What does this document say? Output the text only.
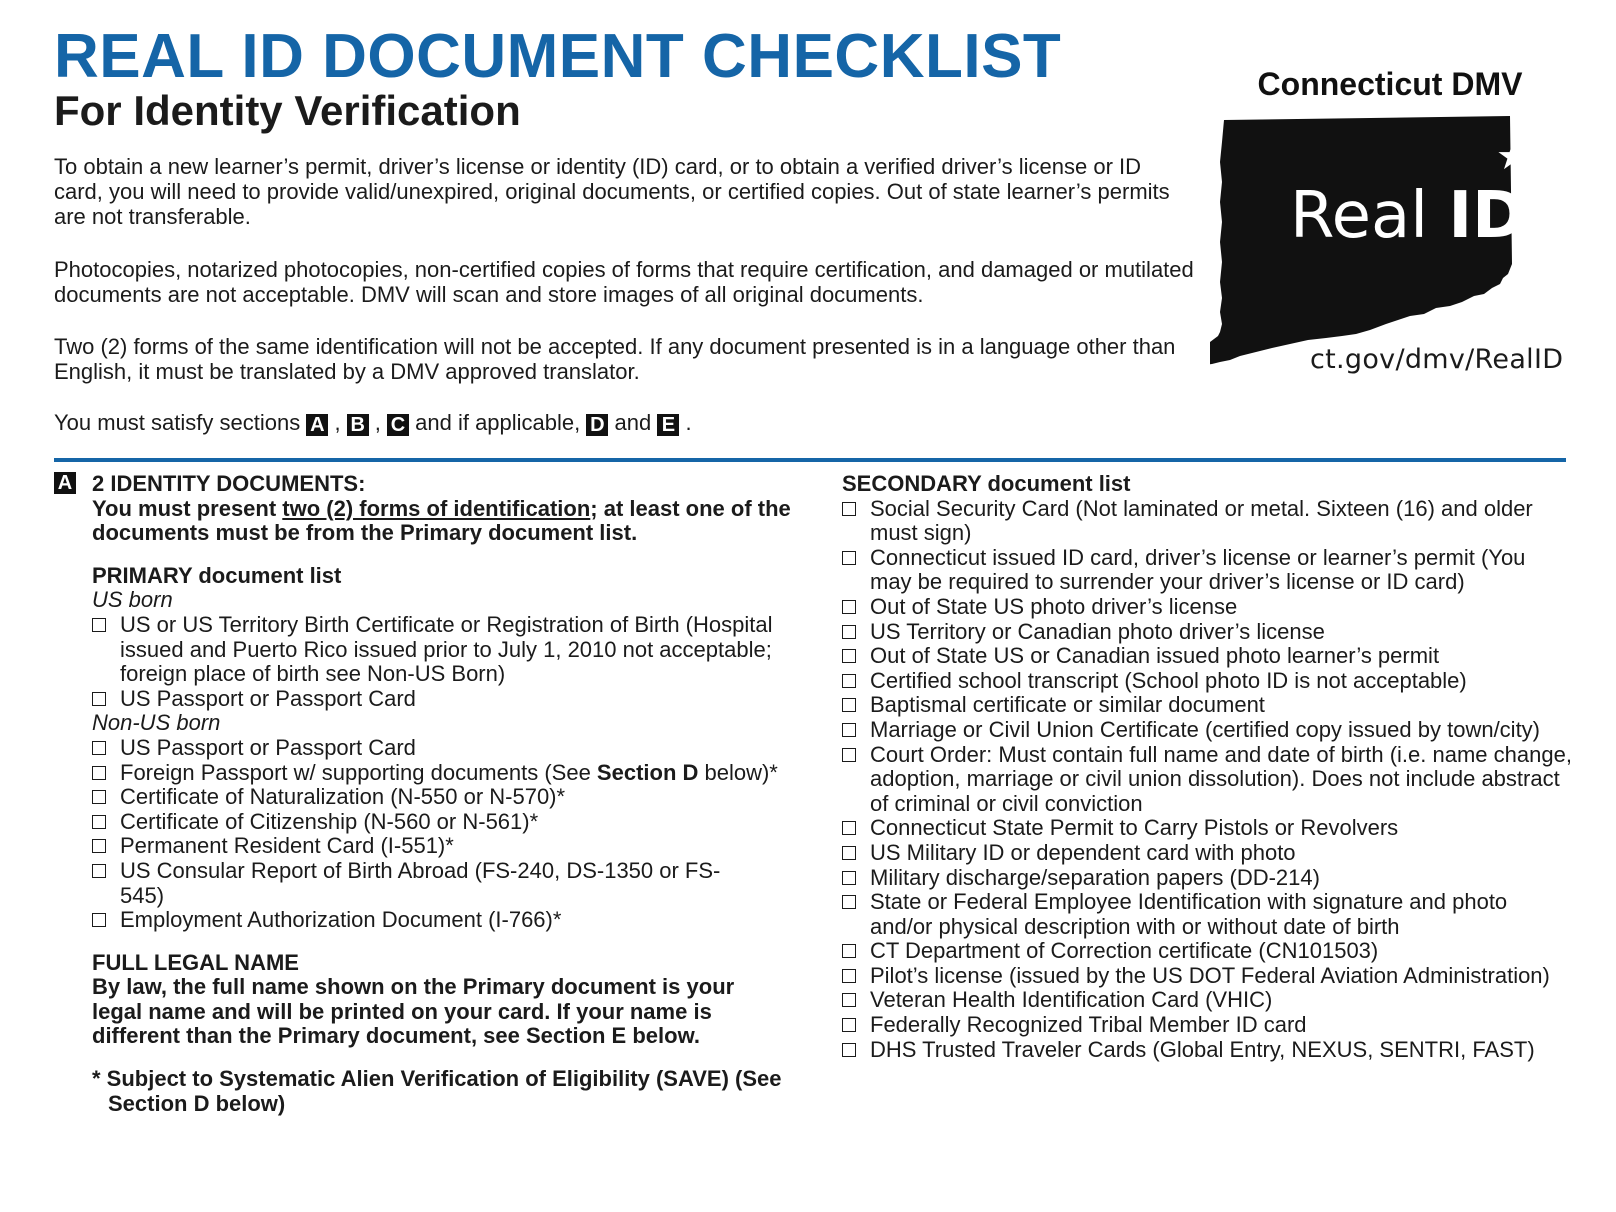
REAL ID DOCUMENT CHECKLIST
For Identity Verification
To obtain a new learner’s permit, driver’s license or identity (ID) card, or to obtain a verified driver’s license or ID card, you will need to provide valid/unexpired, original documents, or certified copies. Out of state learner’s permits are not transferable.
Photocopies, notarized photocopies, non-certified copies of forms that require certification, and damaged or mutilated documents are not acceptable. DMV will scan and store images of all original documents.
Two (2) forms of the same identification will not be accepted. If any document presented is in a language other than English, it must be translated by a DMV approved translator.
You must satisfy sections A , B , C and if applicable, D and E .
Connecticut DMV
★
Real ID
ct.gov/dmv/RealID
A 2 IDENTITY DOCUMENTS:
You must present two (2) forms of identification; at least one of the documents must be from the Primary document list.
PRIMARY document list
US born
US or US Territory Birth Certificate or Registration of Birth (Hospital issued and Puerto Rico issued prior to July 1, 2010 not acceptable; foreign place of birth see Non-US Born)
US Passport or Passport Card
Non-US born
US Passport or Passport Card
Foreign Passport w/ supporting documents (See Section D below)*
Certificate of Naturalization (N-550 or N-570)*
Certificate of Citizenship (N-560 or N-561)*
Permanent Resident Card (I-551)*
US Consular Report of Birth Abroad (FS-240, DS-1350 or FS-545)
Employment Authorization Document (I-766)*
FULL LEGAL NAME
By law, the full name shown on the Primary document is your legal name and will be printed on your card. If your name is different than the Primary document, see Section E below.
* Subject to Systematic Alien Verification of Eligibility (SAVE) (See Section D below)
SECONDARY document list
Social Security Card (Not laminated or metal. Sixteen (16) and older must sign)
Connecticut issued ID card, driver’s license or learner’s permit (You may be required to surrender your driver’s license or ID card)
Out of State US photo driver’s license
US Territory or Canadian photo driver’s license
Out of State US or Canadian issued photo learner’s permit
Certified school transcript (School photo ID is not acceptable)
Baptismal certificate or similar document
Marriage or Civil Union Certificate (certified copy issued by town/city)
Court Order: Must contain full name and date of birth (i.e. name change, adoption, marriage or civil union dissolution). Does not include abstract of criminal or civil conviction
Connecticut State Permit to Carry Pistols or Revolvers
US Military ID or dependent card with photo
Military discharge/separation papers (DD-214)
State or Federal Employee Identification with signature and photo and/or physical description with or without date of birth
CT Department of Correction certificate (CN101503)
Pilot’s license (issued by the US DOT Federal Aviation Administration)
Veteran Health Identification Card (VHIC)
Federally Recognized Tribal Member ID card
DHS Trusted Traveler Cards (Global Entry, NEXUS, SENTRI, FAST)
